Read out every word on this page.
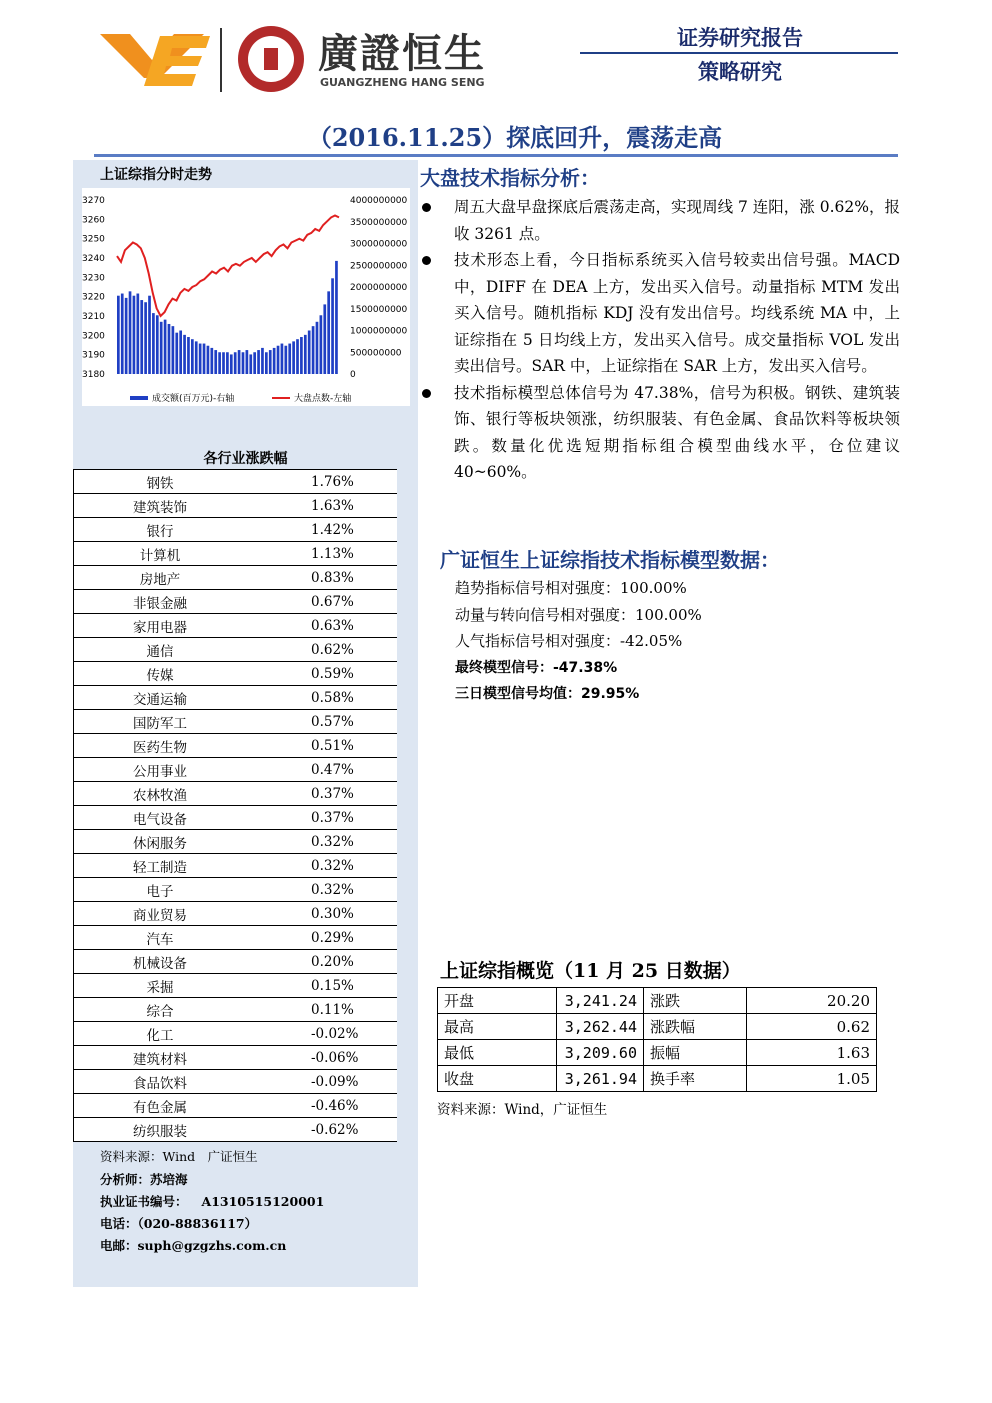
廣證恒生
GUANGZHENG HANG SENG
证券研究报告
策略研究
（2016.11.25）探底回升，震荡走高
上证综指分时走势
3270
3260
3250
3240
3230
3220
3210
3200
3190
3180
4000000000
3500000000
3000000000
2500000000
2000000000
1500000000
1000000000
500000000
0
成交额(百万元)-右轴	大盘点数-左轴
各行业涨跌幅
钢铁	1.76%
建筑装饰	1.63%
银行	1.42%
计算机	1.13%
房地产	0.83%
非银金融	0.67%
家用电器	0.63%
通信	0.62%
传媒	0.59%
交通运输	0.58%
国防军工	0.57%
医药生物	0.51%
公用事业	0.47%
农林牧渔	0.37%
电气设备	0.37%
休闲服务	0.32%
轻工制造	0.32%
电子	0.32%
商业贸易	0.30%
汽车	0.29%
机械设备	0.20%
采掘	0.15%
综合	0.11%
化工	-0.02%
建筑材料	-0.06%
食品饮料	-0.09%
有色金属	-0.46%
纺织服装	-0.62%
资料来源：Wind　广证恒生
分析师：苏培海
执业证书编号： A1310515120001
电话：（020-88836117）
电邮：suph@gzgzhs.com.cn
大盘技术指标分析：
周五大盘早盘探底后震荡走高，实现周线 7 连阳，涨 0.62%，报收 3261 点。
技术形态上看，今日指标系统买入信号较卖出信号强。MACD 中，DIFF 在 DEA 上方，发出买入信号。动量指标 MTM 发出买入信号。随机指标 KDJ 没有发出信号。均线系统 MA 中，上证综指在 5 日均线上方，发出买入信号。成交量指标 VOL 发出卖出信号。SAR 中，上证综指在 SAR 上方，发出买入信号。
技术指标模型总体信号为 47.38%，信号为积极。钢铁、建筑装饰、银行等板块领涨，纺织服装、有色金属、食品饮料等板块领跌。数量化优选短期指标组合模型曲线水平，仓位建议 40~60%。
广证恒生上证综指技术指标模型数据：
趋势指标信号相对强度：100.00%
动量与转向信号相对强度：100.00%
人气指标信号相对强度：-42.05%
最终模型信号：-47.38%
三日模型信号均值：29.95%
上证综指概览（11 月 25 日数据）
开盘	3,241.24	涨跌	20.20
最高	3,262.44	涨跌幅	0.62
最低	3,209.60	振幅	1.63
收盘	3,261.94	换手率	1.05
资料来源：Wind，广证恒生
